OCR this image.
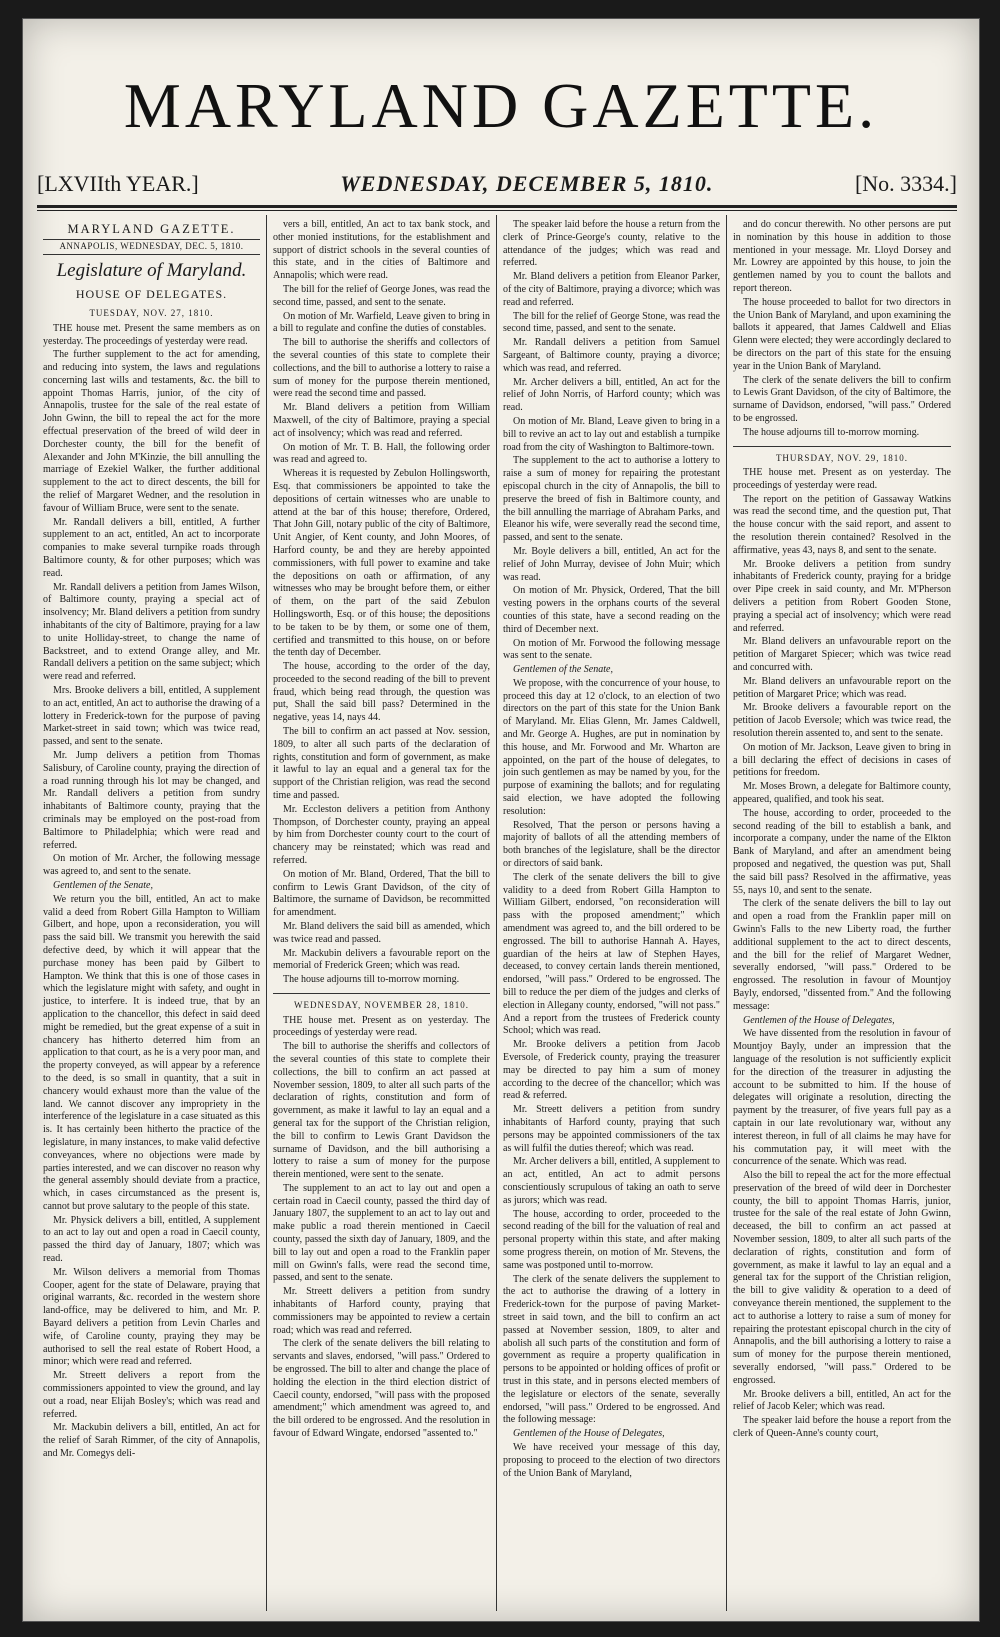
MARYLAND GAZETTE.
[LXVIIth YEAR.]	WEDNESDAY, DECEMBER 5, 1810.	[No. 3334.]
MARYLAND GAZETTE.
ANNAPOLIS, WEDNESDAY, DEC. 5, 1810.
Legislature of Maryland.
HOUSE OF DELEGATES.
TUESDAY, NOV. 27, 1810.

THE house met. Present the same members as on yesterday. The proceedings of yesterday were read.

The further supplement to the act for amending, and reducing into system, the laws and regulations concerning last wills and testaments, &c. the bill to appoint Thomas Harris, junior, of the city of Annapolis, trustee for the sale of the real estate of John Gwinn, the bill to repeal the act for the more effectual preservation of the breed of wild deer in Dorchester county, the bill for the benefit of Alexander and John M'Kinzie, the bill annulling the marriage of Ezekiel Walker, the further additional supplement to the act to direct descents, the bill for the relief of Margaret Wedner, and the resolution in favour of William Bruce, were sent to the senate.

Mr. Randall delivers a bill, entitled, A further supplement to an act, entitled, An act to incorporate companies to make several turnpike roads through Baltimore county, & for other purposes; which was read.

Mr. Randall delivers a petition from James Wilson, of Baltimore county, praying a special act of insolvency; Mr. Bland delivers a petition from sundry inhabitants of the city of Baltimore, praying for a law to unite Holliday-street, to change the name of Backstreet, and to extend Orange alley, and Mr. Randall delivers a petition on the same subject; which were read and referred.

Mrs. Brooke delivers a bill, entitled, A supplement to an act, entitled, An act to authorise the drawing of a lottery in Frederick-town for the purpose of paving Market-street in said town; which was twice read, passed, and sent to the senate.

Mr. Jump delivers a petition from Thomas Salisbury, of Caroline county, praying the direction of a road running through his lot may be changed, and Mr. Randall delivers a petition from sundry inhabitants of Baltimore county, praying that the criminals may be employed on the post-road from Baltimore to Philadelphia; which were read and referred.

On motion of Mr. Archer, the following message was agreed to, and sent to the senate.

Gentlemen of the Senate,

We return you the bill, entitled, An act to make valid a deed from Robert Gilla Hampton to William Gilbert, and hope, upon a reconsideration, you will pass the said bill. We transmit you herewith the said defective deed, by which it will appear that the purchase money has been paid by Gilbert to Hampton. We think that this is one of those cases in which the legislature might with safety, and ought in justice, to interfere. It is indeed true, that by an application to the chancellor, this defect in said deed might be remedied, but the great expense of a suit in chancery has hitherto deterred him from an application to that court, as he is a very poor man, and the property conveyed, as will appear by a reference to the deed, is so small in quantity, that a suit in chancery would exhaust more than the value of the land. We cannot discover any impropriety in the interference of the legislature in a case situated as this is. It has certainly been hitherto the practice of the legislature, in many instances, to make valid defective conveyances, where no objections were made by parties interested, and we can discover no reason why the general assembly should deviate from a practice, which, in cases circumstanced as the present is, cannot but prove salutary to the people of this state.

Mr. Physick delivers a bill, entitled, A supplement to an act to lay out and open a road in Caecil county, passed the third day of January, 1807; which was read.

Mr. Wilson delivers a memorial from Thomas Cooper, agent for the state of Delaware, praying that original warrants, &c. recorded in the western shore land-office, may be delivered to him, and Mr. P. Bayard delivers a petition from Levin Charles and wife, of Caroline county, praying they may be authorised to sell the real estate of Robert Hood, a minor; which were read and referred.

Mr. Streett delivers a report from the commissioners appointed to view the ground, and lay out a road, near Elijah Bosley's; which was read and referred.

Mr. Mackubin delivers a bill, entitled, An act for the relief of Sarah Rimmer, of the city of Annapolis, and Mr. Comegys deli-

vers a bill, entitled, An act to tax bank stock, and other monied institutions, for the establishment and support of district schools in the several counties of this state, and in the cities of Baltimore and Annapolis; which were read.

The bill for the relief of George Jones, was read the second time, passed, and sent to the senate.

On motion of Mr. Warfield, Leave given to bring in a bill to regulate and confine the duties of constables.

The bill to authorise the sheriffs and collectors of the several counties of this state to complete their collections, and the bill to authorise a lottery to raise a sum of money for the purpose therein mentioned, were read the second time and passed.

Mr. Bland delivers a petition from William Maxwell, of the city of Baltimore, praying a special act of insolvency; which was read and referred.

On motion of Mr. T. B. Hall, the following order was read and agreed to.

Whereas it is requested by Zebulon Hollingsworth, Esq. that commissioners be appointed to take the depositions of certain witnesses who are unable to attend at the bar of this house; therefore, Ordered, That John Gill, notary public of the city of Baltimore, Unit Angier, of Kent county, and John Moores, of Harford county, be and they are hereby appointed commissioners, with full power to examine and take the depositions on oath or affirmation, of any witnesses who may be brought before them, or either of them, on the part of the said Zebulon Hollingsworth, Esq. or of this house; the depositions to be taken to be by them, or some one of them, certified and transmitted to this house, on or before the tenth day of December.

The house, according to the order of the day, proceeded to the second reading of the bill to prevent fraud, which being read through, the question was put, Shall the said bill pass? Determined in the negative, yeas 14, nays 44.

The bill to confirm an act passed at Nov. session, 1809, to alter all such parts of the declaration of rights, constitution and form of government, as make it lawful to lay an equal and a general tax for the support of the Christian religion, was read the second time and passed.

Mr. Eccleston delivers a petition from Anthony Thompson, of Dorchester county, praying an appeal by him from Dorchester county court to the court of chancery may be reinstated; which was read and referred.

On motion of Mr. Bland, Ordered, That the bill to confirm to Lewis Grant Davidson, of the city of Baltimore, the surname of Davidson, be recommitted for amendment.

Mr. Bland delivers the said bill as amended, which was twice read and passed.

Mr. Mackubin delivers a favourable report on the memorial of Frederick Green; which was read.

The house adjourns till to-morrow morning.

WEDNESDAY, NOVEMBER 28, 1810.

THE house met. Present as on yesterday. The proceedings of yesterday were read.

The bill to authorise the sheriffs and collectors of the several counties of this state to complete their collections, the bill to confirm an act passed at November session, 1809, to alter all such parts of the declaration of rights, constitution and form of government, as make it lawful to lay an equal and a general tax for the support of the Christian religion, the bill to confirm to Lewis Grant Davidson the surname of Davidson, and the bill authorising a lottery to raise a sum of money for the purpose therein mentioned, were sent to the senate.

The supplement to an act to lay out and open a certain road in Caecil county, passed the third day of January 1807, the supplement to an act to lay out and make public a road therein mentioned in Caecil county, passed the sixth day of January, 1809, and the bill to lay out and open a road to the Franklin paper mill on Gwinn's falls, were read the second time, passed, and sent to the senate.

Mr. Streett delivers a petition from sundry inhabitants of Harford county, praying that commissioners may be appointed to review a certain road; which was read and referred.

The clerk of the senate delivers the bill relating to servants and slaves, endorsed, "will pass." Ordered to be engrossed. The bill to alter and change the place of holding the election in the third election district of Caecil county, endorsed, "will pass with the proposed amendment;" which amendment was agreed to, and the bill ordered to be engrossed. And the resolution in favour of Edward Wingate, endorsed "assented to."

The speaker laid before the house a return from the clerk of Prince-George's county, relative to the attendance of the judges; which was read and referred.

Mr. Bland delivers a petition from Eleanor Parker, of the city of Baltimore, praying a divorce; which was read and referred.

The bill for the relief of George Stone, was read the second time, passed, and sent to the senate.

Mr. Randall delivers a petition from Samuel Sargeant, of Baltimore county, praying a divorce; which was read, and referred.

Mr. Archer delivers a bill, entitled, An act for the relief of John Norris, of Harford county; which was read.

On motion of Mr. Bland, Leave given to bring in a bill to revive an act to lay out and establish a turnpike road from the city of Washington to Baltimore-town.

The supplement to the act to authorise a lottery to raise a sum of money for repairing the protestant episcopal church in the city of Annapolis, the bill to preserve the breed of fish in Baltimore county, and the bill annulling the marriage of Abraham Parks, and Eleanor his wife, were severally read the second time, passed, and sent to the senate.

Mr. Boyle delivers a bill, entitled, An act for the relief of John Murray, devisee of John Muir; which was read.

On motion of Mr. Physick, Ordered, That the bill vesting powers in the orphans courts of the several counties of this state, have a second reading on the third of December next.

On motion of Mr. Forwood the following message was sent to the senate.

Gentlemen of the Senate,

We propose, with the concurrence of your house, to proceed this day at 12 o'clock, to an election of two directors on the part of this state for the Union Bank of Maryland. Mr. Elias Glenn, Mr. James Caldwell, and Mr. George A. Hughes, are put in nomination by this house, and Mr. Forwood and Mr. Wharton are appointed, on the part of the house of delegates, to join such gentlemen as may be named by you, for the purpose of examining the ballots; and for regulating said election, we have adopted the following resolution:

Resolved, That the person or persons having a majority of ballots of all the attending members of both branches of the legislature, shall be the director or directors of said bank.

The clerk of the senate delivers the bill to give validity to a deed from Robert Gilla Hampton to William Gilbert, endorsed, "on reconsideration will pass with the proposed amendment;" which amendment was agreed to, and the bill ordered to be engrossed. The bill to authorise Hannah A. Hayes, guardian of the heirs at law of Stephen Hayes, deceased, to convey certain lands therein mentioned, endorsed, "will pass." Ordered to be engrossed. The bill to reduce the per diem of the judges and clerks of election in Allegany county, endorsed, "will not pass." And a report from the trustees of Frederick county School; which was read.

Mr. Brooke delivers a petition from Jacob Eversole, of Frederick county, praying the treasurer may be directed to pay him a sum of money according to the decree of the chancellor; which was read & referred.

Mr. Streett delivers a petition from sundry inhabitants of Harford county, praying that such persons may be appointed commissioners of the tax as will fulfil the duties thereof; which was read.

Mr. Archer delivers a bill, entitled, A supplement to an act, entitled, An act to admit persons conscientiously scrupulous of taking an oath to serve as jurors; which was read.

The house, according to order, proceeded to the second reading of the bill for the valuation of real and personal property within this state, and after making some progress therein, on motion of Mr. Stevens, the same was postponed until to-morrow.

The clerk of the senate delivers the supplement to the act to authorise the drawing of a lottery in Frederick-town for the purpose of paving Market-street in said town, and the bill to confirm an act passed at November session, 1809, to alter and abolish all such parts of the constitution and form of government as require a property qualification in persons to be appointed or holding offices of profit or trust in this state, and in persons elected members of the legislature or electors of the senate, severally endorsed, "will pass." Ordered to be engrossed. And the following message:

Gentlemen of the House of Delegates,

We have received your message of this day, proposing to proceed to the election of two directors of the Union Bank of Maryland,

and do concur therewith. No other persons are put in nomination by this house in addition to those mentioned in your message. Mr. Lloyd Dorsey and Mr. Lowrey are appointed by this house, to join the gentlemen named by you to count the ballots and report thereon.

The house proceeded to ballot for two directors in the Union Bank of Maryland, and upon examining the ballots it appeared, that James Caldwell and Elias Glenn were elected; they were accordingly declared to be directors on the part of this state for the ensuing year in the Union Bank of Maryland.

The clerk of the senate delivers the bill to confirm to Lewis Grant Davidson, of the city of Baltimore, the surname of Davidson, endorsed, "will pass." Ordered to be engrossed.

The house adjourns till to-morrow morning.

THURSDAY, NOV. 29, 1810.

THE house met. Present as on yesterday. The proceedings of yesterday were read.

The report on the petition of Gassaway Watkins was read the second time, and the question put, That the house concur with the said report, and assent to the resolution therein contained? Resolved in the affirmative, yeas 43, nays 8, and sent to the senate.

Mr. Brooke delivers a petition from sundry inhabitants of Frederick county, praying for a bridge over Pipe creek in said county, and Mr. M'Pherson delivers a petition from Robert Gooden Stone, praying a special act of insolvency; which were read and referred.

Mr. Bland delivers an unfavourable report on the petition of Margaret Spiecer; which was twice read and concurred with.

Mr. Bland delivers an unfavourable report on the petition of Margaret Price; which was read.

Mr. Brooke delivers a favourable report on the petition of Jacob Eversole; which was twice read, the resolution therein assented to, and sent to the senate.

On motion of Mr. Jackson, Leave given to bring in a bill declaring the effect of decisions in cases of petitions for freedom.

Mr. Moses Brown, a delegate for Baltimore county, appeared, qualified, and took his seat.

The house, according to order, proceeded to the second reading of the bill to establish a bank, and incorporate a company, under the name of the Elkton Bank of Maryland, and after an amendment being proposed and negatived, the question was put, Shall the said bill pass? Resolved in the affirmative, yeas 55, nays 10, and sent to the senate.

The clerk of the senate delivers the bill to lay out and open a road from the Franklin paper mill on Gwinn's Falls to the new Liberty road, the further additional supplement to the act to direct descents, and the bill for the relief of Margaret Wedner, severally endorsed, "will pass." Ordered to be engrossed. The resolution in favour of Mountjoy Bayly, endorsed, "dissented from." And the following message:

Gentlemen of the House of Delegates,

We have dissented from the resolution in favour of Mountjoy Bayly, under an impression that the language of the resolution is not sufficiently explicit for the direction of the treasurer in adjusting the account to be submitted to him. If the house of delegates will originate a resolution, directing the payment by the treasurer, of five years full pay as a captain in our late revolutionary war, without any interest thereon, in full of all claims he may have for his commutation pay, it will meet with the concurrence of the senate. Which was read.

Also the bill to repeal the act for the more effectual preservation of the breed of wild deer in Dorchester county, the bill to appoint Thomas Harris, junior, trustee for the sale of the real estate of John Gwinn, deceased, the bill to confirm an act passed at November session, 1809, to alter all such parts of the declaration of rights, constitution and form of government, as make it lawful to lay an equal and a general tax for the support of the Christian religion, the bill to give validity & operation to a deed of conveyance therein mentioned, the supplement to the act to authorise a lottery to raise a sum of money for repairing the protestant episcopal church in the city of Annapolis, and the bill authorising a lottery to raise a sum of money for the purpose therein mentioned, severally endorsed, "will pass." Ordered to be engrossed.

Mr. Brooke delivers a bill, entitled, An act for the relief of Jacob Keler; which was read.

The speaker laid before the house a report from the clerk of Queen-Anne's county court,
